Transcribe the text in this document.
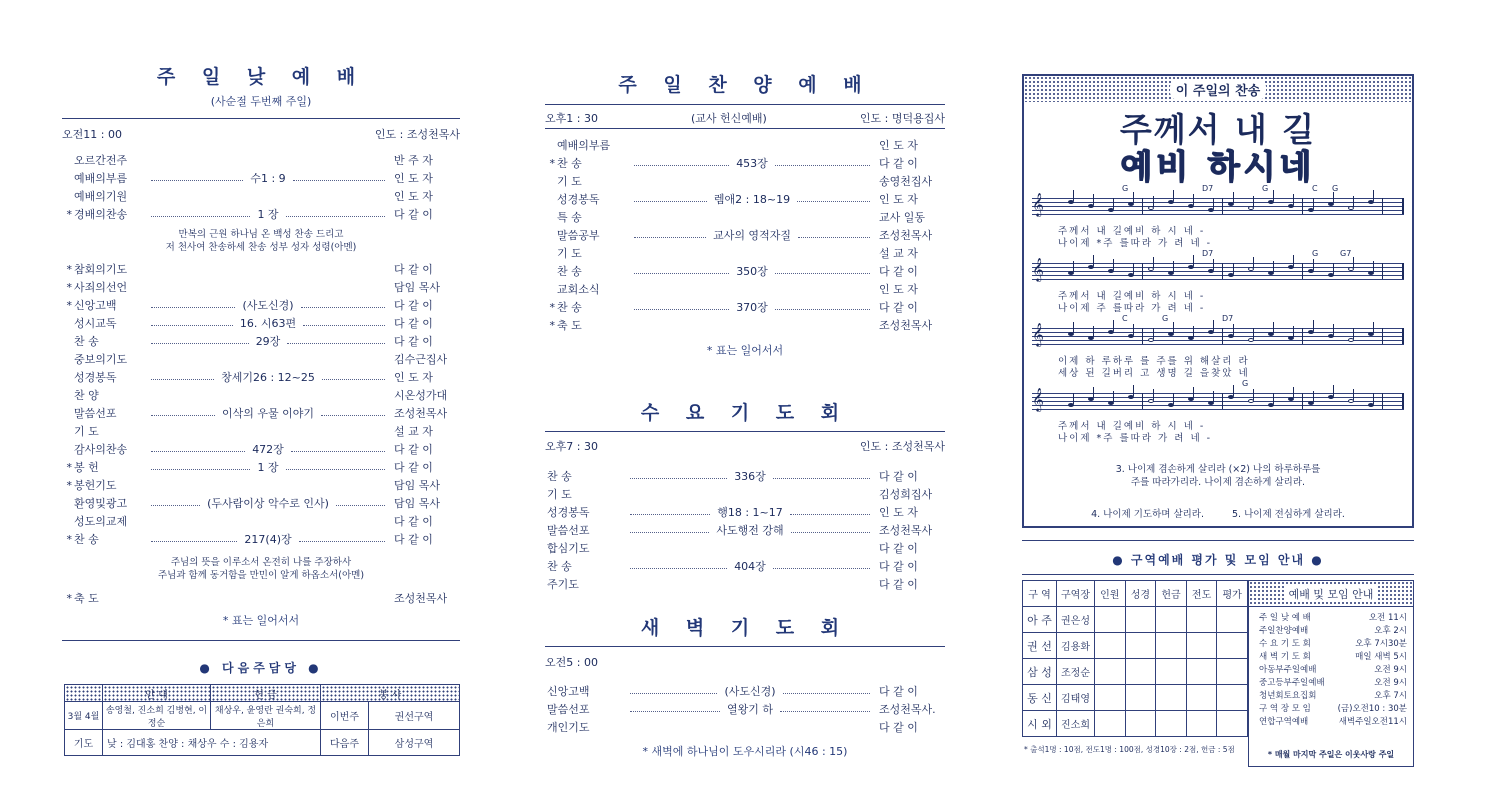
주 일 낮 예 배
(사순절 두번째 주일)
오전11 : 00	인도 : 조성천목사
오르간전주	반 주 자
예배의부름	수1 : 9	인 도 자
예배의기원	인 도 자
* 경배의찬송	1 장	다 같 이
만복의 근원 하나님 온 백성 찬송 드리고
저 천사여 찬송하세 찬송 성부 성자 성령(아멘)
* 참회의기도	다 같 이
* 사죄의선언	담임 목사
* 신앙고백	(사도신경)	다 같 이
성시교독	16. 시63편	다 같 이
찬 송	29장	다 같 이
중보의기도	김수근집사
성경봉독	창세기26 : 12~25	인 도 자
찬 양	시온성가대
말씀선포	이삭의 우물 이야기	조성천목사
기 도	설 교 자
감사의찬송	472장	다 같 이
* 봉 헌	1 장	다 같 이
* 봉헌기도	담임 목사
환영및광고	(두사람이상 악수로 인사)	담임 목사
성도의교제	다 같 이
* 찬 송	217(4)장	다 같 이
주님의 뜻을 이루소서 온전히 나를 주장하사
주님과 함께 동거함을 만민이 알게 하옵소서(아멘)
* 축 도	조성천목사
* 표는 일어서서
● 다음주담당 ●
	안 내	헌 금	봉 사	
3월 4월	송영철, 진소희 김병현, 이정순	채상우, 윤영란 권숙희, 정은희	이번주	권선구역
기도	낮 : 김대홍 찬양 : 채상우 수 : 김용자		다음주	삼성구역
주 일 찬 양 예 배
오후1 : 30	(교사 헌신예배)	인도 : 명덕용집사
예배의부름	인 도 자
* 찬 송	453장	다 같 이
기 도	송영천집사
성경봉독	렘애2 : 18~19	인 도 자
특 송	교사 일동
말씀공부	교사의 영적자질	조성천목사
기 도	설 교 자
찬 송	350장	다 같 이
교회소식	인 도 자
* 찬 송	370장	다 같 이
* 축 도	조성천목사
* 표는 일어서서
수 요 기 도 회
오후7 : 30	인도 : 조성천목사
찬 송	336장	다 같 이
기 도	김성희집사
성경봉독	행18 : 1~17	인 도 자
말씀선포	사도행전 강해	조성천목사
합심기도	다 같 이
찬 송	404장	다 같 이
주기도	다 같 이
새 벽 기 도 회
오전5 : 00
신앙고백	(사도신경)	다 같 이
말씀선포	열왕기 하	조성천목사.
개인기도	다 같 이
* 새벽에 하나님이 도우시리라 (시46 : 15)
이 주일의 찬송
주께서 내 길
예비 하시네
𝄞
G	D7	G	C G
주께서 내 길예비 하 시 네 -
나이제 *주 를따라 가 려 네 -
𝄞
D7	G	G7
주께서 내 길예비 하 시 네 -
나이제 주 를따라 가 려 네 -
𝄞
C	G	D7
이제 하 루하루 를 주를 위 해살리 라
세상 된 길버리 고 생명 길 을찾았 네
𝄞
G
주께서 내 길예비 하 시 네 -
나이제 *주 를따라 가 려 네 -
3. 나이제 겸손하게 살리라 (×2) 나의 하루하루를
주를 따라가리라. 나이제 겸손하게 살리라.
4. 나이제 기도하며 살리라.	5. 나이제 전심하게 살리라.
● 구역예배 평가 및 모임 안내 ●
구 역	구역장	인원	성경	헌금	전도	평가
아 주	권은성					
권 선	김용화					
삼 성	조정순					
동 신	김태영					
시 외	진소희					
* 출석1명 : 10점, 전도1명 : 100점, 성경10장 : 2점, 헌금 : 5점
예배 및 모임 안내
주 일 낮 예 배	오전 11시
주일찬양예배	오후 2시
수 요 기 도 회	오후 7시30분
새 벽 기 도 회	매일 새벽 5시
아동부주일예배	오전 9시
중고등부주일예배	오전 9시
청년회토요집회	오후 7시
구 역 장 모 임	(금)오전10 : 30분
연합구역예배	새벽주일오전11시
* 매월 마지막 주일은 이웃사랑 주일
